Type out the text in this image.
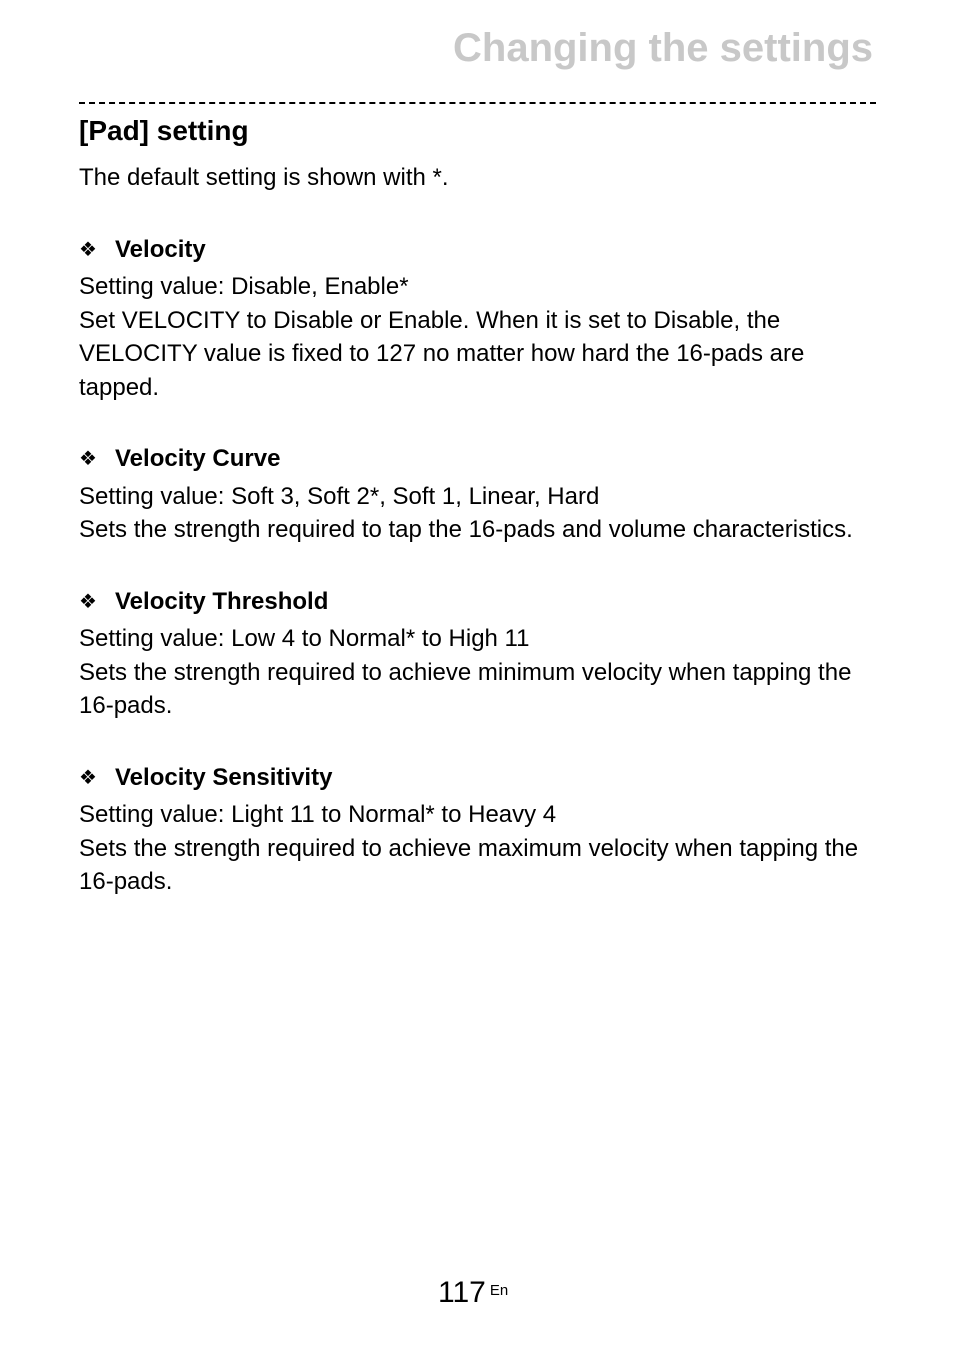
Changing the settings
[Pad] setting

The default setting is shown with *.

❖ Velocity
Setting value: Disable, Enable*
Set VELOCITY to Disable or Enable. When it is set to Disable, the VELOCITY value is fixed to 127 no matter how hard the 16-pads are tapped.
❖ Velocity Curve
Setting value: Soft 3, Soft 2*, Soft 1, Linear, Hard
Sets the strength required to tap the 16-pads and volume characteristics.
❖ Velocity Threshold
Setting value: Low 4 to Normal* to High 11
Sets the strength required to achieve minimum velocity when tapping the 16-pads.
❖ Velocity Sensitivity
Setting value: Light 11 to Normal* to Heavy 4
Sets the strength required to achieve maximum velocity when tapping the 16-pads.
117 En
